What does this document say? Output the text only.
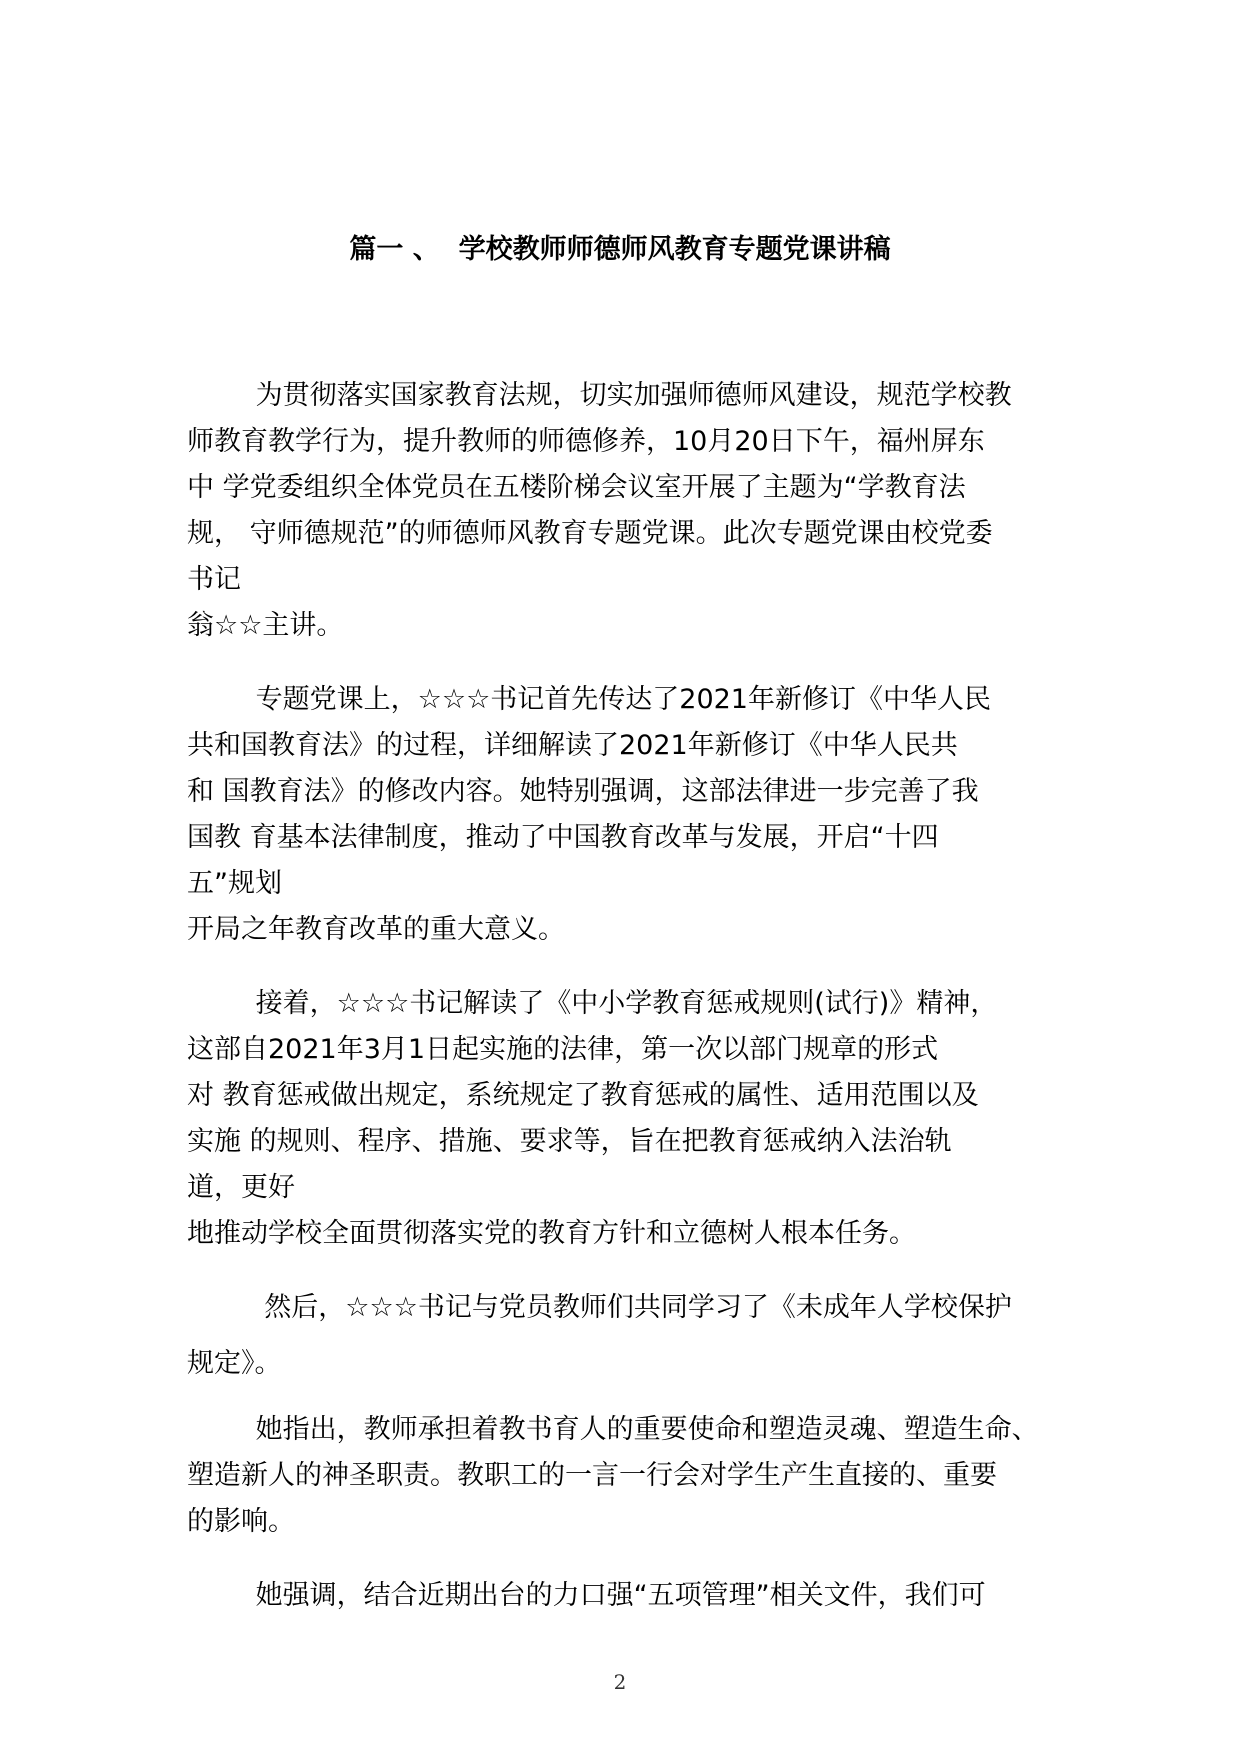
篇一 、  学校教师师德师风教育专题党课讲稿
为贯彻落实国家教育法规，切实加强师德师风建设，规范学校教
师教育教学行为，提升教师的师德修养，10月20日下午，福州屏东
中 学党委组织全体党员在五楼阶梯会议室开展了主题为“学教育法
规， 守师德规范”的师德师风教育专题党课。此次专题党课由校党委
书记
翁☆☆主讲。
专题党课上，☆☆☆书记首先传达了2021年新修订《中华人民
共和国教育法》的过程，详细解读了2021年新修订《中华人民共
和 国教育法》的修改内容。她特别强调，这部法律进一步完善了我
国教 育基本法律制度，推动了中国教育改革与发展，开启“十四
五”规划
开局之年教育改革的重大意义。
接着，☆☆☆书记解读了《中小学教育惩戒规则(试行)》精神，
这部自2021年3月1日起实施的法律，第一次以部门规章的形式
对 教育惩戒做出规定，系统规定了教育惩戒的属性、适用范围以及
实施 的规则、程序、措施、要求等，旨在把教育惩戒纳入法治轨
道，更好
地推动学校全面贯彻落实党的教育方针和立德树人根本任务。
然后，☆☆☆书记与党员教师们共同学习了《未成年人学校保护
规定》。
她指出，教师承担着教书育人的重要使命和塑造灵魂、塑造生命、
塑造新人的神圣职责。教职工的一言一行会对学生产生直接的、重要
的影响。
她强调，结合近期出台的力口强“五项管理”相关文件，我们可
2
